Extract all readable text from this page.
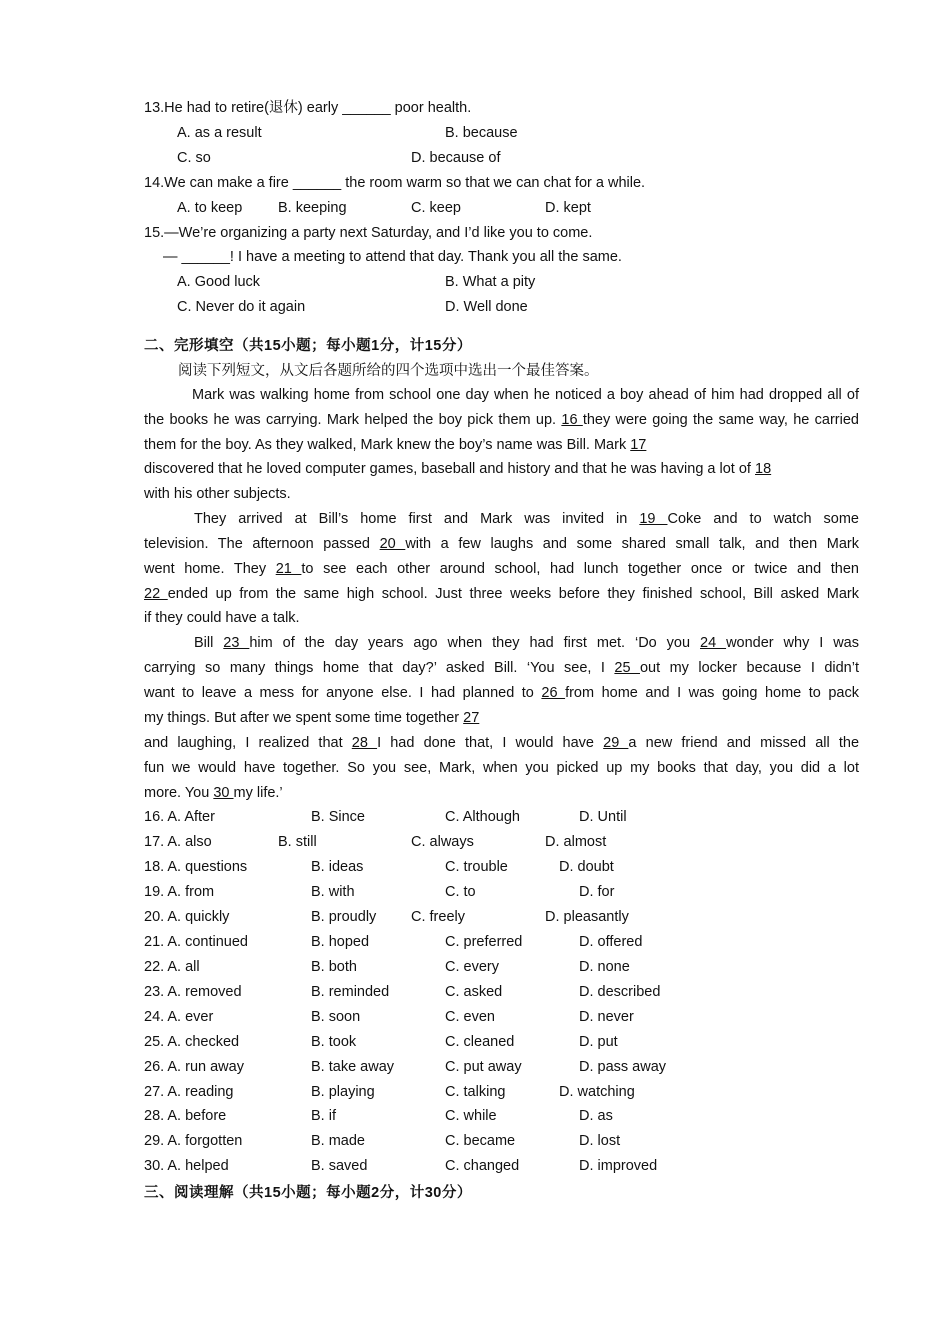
13.He had to retire(退休) early ______ poor health.
A. as a result	B. because
C. so	D. because of
14.We can make a fire ______ the room warm so that we can chat for a while.
A. to keep B. keeping	C. keep	D. kept
15.—We’re organizing a party next Saturday, and I’d like you to come.
— ______! I have a meeting to attend that day. Thank you all the same.
A. Good luck	B. What a pity
C. Never do it again	D. Well done
二、完形填空（共15小题；每小题1分，计15分）
阅读下列短文，从文后各题所给的四个选项中选出一个最佳答案。
Mark was walking home from school one day when he noticed a boy ahead of him had dropped all of
the books he was carrying. Mark helped the boy pick them up. 16 they were going the same way, he carried
them for the boy. As they walked, Mark knew the boy’s name was Bill. Mark 17
discovered that he loved computer games, baseball and history and that he was having a lot of 18
with his other subjects.
They arrived at Bill’s home first and Mark was invited in 19 Coke and to watch some
television. The afternoon passed 20 with a few laughs and some shared small talk, and then Mark
went home. They 21 to see each other around school, had lunch together once or twice and then
22 ended up from the same high school. Just three weeks before they finished school, Bill asked Mark
if they could have a talk.
Bill 23 him of the day years ago when they had first met. ‘Do you 24 wonder why I was
carrying so many things home that day?’ asked Bill. ‘You see, I 25 out my locker because I didn’t
want to leave a mess for anyone else. I had planned to 26 from home and I was going home to pack
my things. But after we spent some time together 27
and laughing, I realized that 28 I had done that, I would have 29 a new friend and missed all the
fun we would have together. So you see, Mark, when you picked up my books that day, you did a lot
more. You 30 my life.’
16. A. After	B. Since	C. Although	D. Until
17. A. also	B. still	C. always	D. almost
18. A. questions	B. ideas	C. trouble	D. doubt
19. A. from	B. with	C. to	D. for
20. A. quickly	B. proudly C. freely	D. pleasantly
21. A. continued	B. hoped	C. preferred	D. offered
22. A. all	B. both	C. every	D. none
23. A. removed	B. reminded	C. asked	D. described
24. A. ever	B. soon	C. even	D. never
25. A. checked	B. took	C. cleaned	D. put
26. A. run away	B. take away	C. put away	D. pass away
27. A. reading	B. playing	C. talking	D. watching
28. A. before	B. if	C. while	D. as
29. A. forgotten	B. made	C. became	D. lost
30. A. helped	B. saved	C. changed	D. improved
三、阅读理解（共15小题；每小题2分，计30分）
